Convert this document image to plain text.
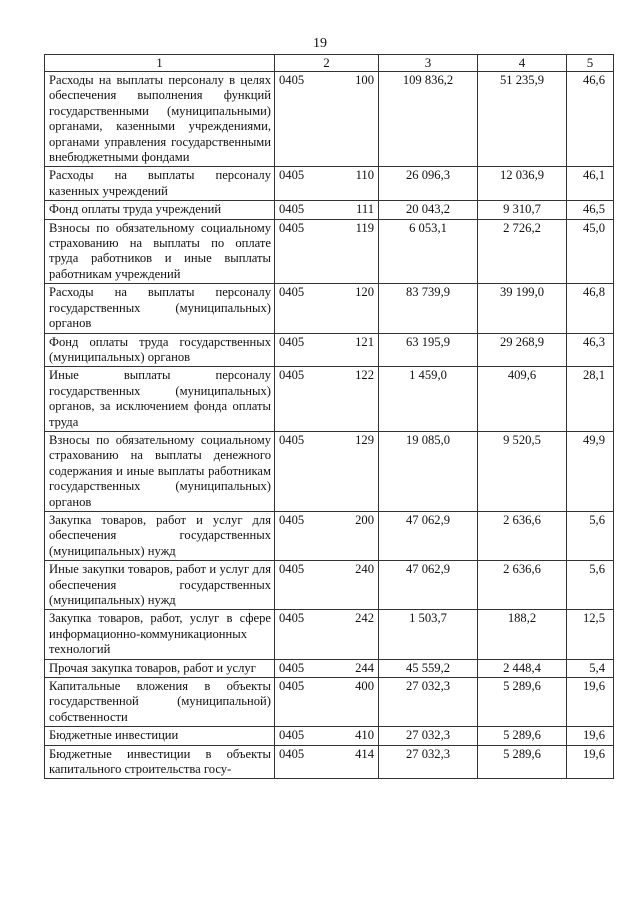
19
1	2	3	4	5
Расходы на выплаты персоналу в целях обеспечения выполнения функций государственными (муниципальными) органами, казенными учреждениями, органами управления государственными внебюджетными фондами	0405 100	109 836,2	51 235,9	46,6
Расходы на выплаты персоналу казенных учреждений	0405 110	26 096,3	12 036,9	46,1
Фонд оплаты труда учреждений	0405 111	20 043,2	9 310,7	46,5
Взносы по обязательному социальному страхованию на выплаты по оплате труда работников и иные выплаты работникам учреждений	0405 119	6 053,1	2 726,2	45,0
Расходы на выплаты персоналу государственных (муниципальных) органов	0405 120	83 739,9	39 199,0	46,8
Фонд оплаты труда государственных (муниципальных) органов	0405 121	63 195,9	29 268,9	46,3
Иные выплаты персоналу государственных (муниципальных) органов, за исключением фонда оплаты труда	0405 122	1 459,0	409,6	28,1
Взносы по обязательному социальному страхованию на выплаты денежного содержания и иные выплаты работникам государственных (муниципальных) органов	0405 129	19 085,0	9 520,5	49,9
Закупка товаров, работ и услуг для обеспечения государственных (муниципальных) нужд	0405 200	47 062,9	2 636,6	5,6
Иные закупки товаров, работ и услуг для обеспечения государственных (муниципальных) нужд	0405 240	47 062,9	2 636,6	5,6
Закупка товаров, работ, услуг в сфере информационно-коммуникационных технологий	0405 242	1 503,7	188,2	12,5
Прочая закупка товаров, работ и услуг	0405 244	45 559,2	2 448,4	5,4
Капитальные вложения в объекты государственной (муниципальной) собственности	0405 400	27 032,3	5 289,6	19,6
Бюджетные инвестиции	0405 410	27 032,3	5 289,6	19,6
Бюджетные инвестиции в объекты капитального строительства госу-	0405 414	27 032,3	5 289,6	19,6
